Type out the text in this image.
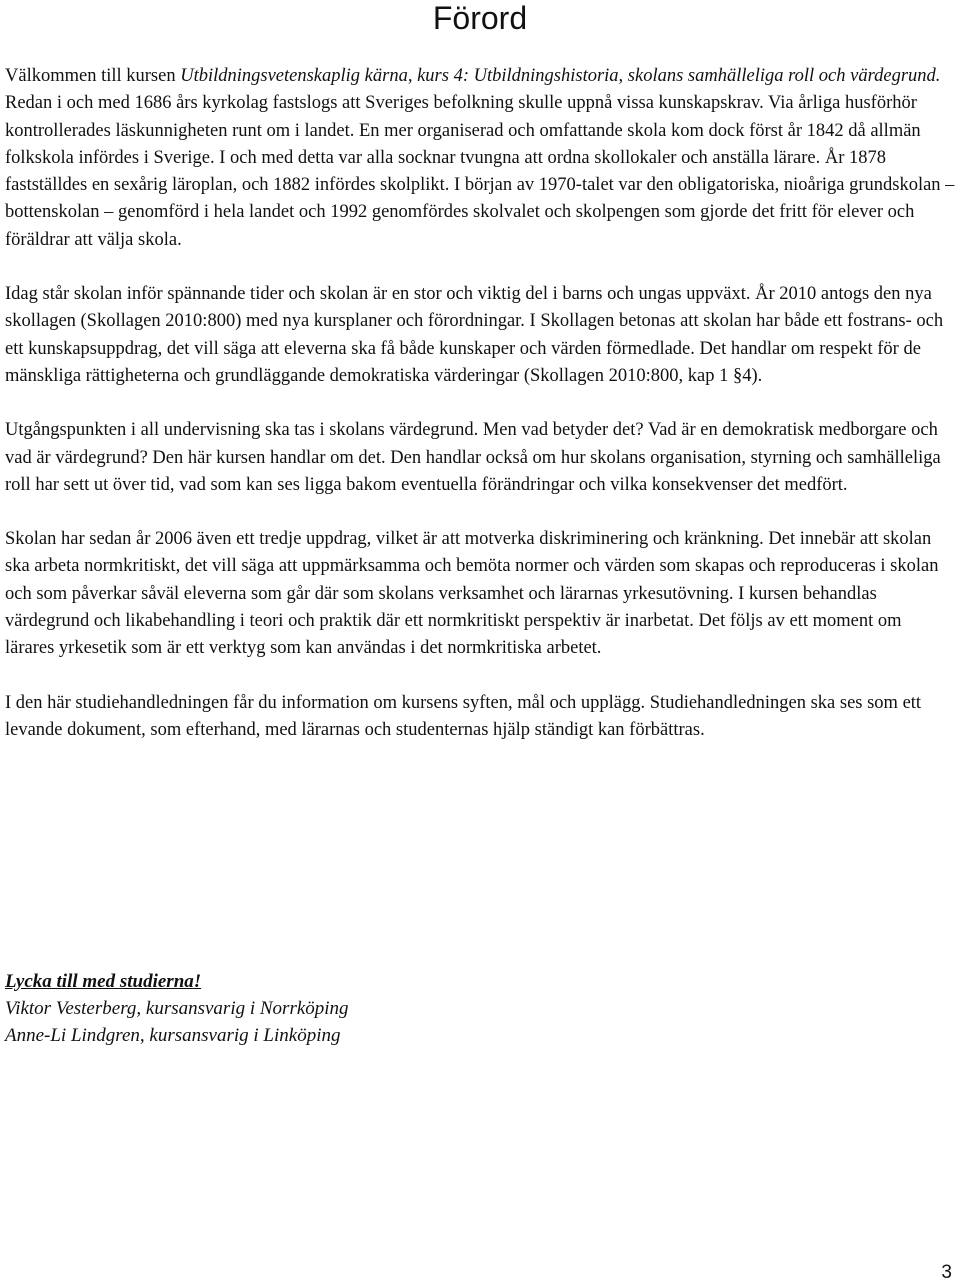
Förord

Välkommen till kursen Utbildningsvetenskaplig kärna, kurs 4: Utbildningshistoria, skolans samhälleliga roll och värdegrund. Redan i och med 1686 års kyrkolag fastslogs att Sveriges befolkning skulle uppnå vissa kunskapskrav. Via årliga husförhör kontrollerades läskunnigheten runt om i landet. En mer organiserad och omfattande skola kom dock först år 1842 då allmän folkskola infördes i Sverige. I och med detta var alla socknar tvungna att ordna skollokaler och anställa lärare. År 1878 fastställdes en sexårig läroplan, och 1882 infördes skolplikt. I början av 1970-talet var den obligatoriska, nioåriga grundskolan – bottenskolan – genomförd i hela landet och 1992 genomfördes skolvalet och skolpengen som gjorde det fritt för elever och föräldrar att välja skola.

Idag står skolan inför spännande tider och skolan är en stor och viktig del i barns och ungas uppväxt. År 2010 antogs den nya skollagen (Skollagen 2010:800) med nya kursplaner och förordningar. I Skollagen betonas att skolan har både ett fostrans- och ett kunskapsuppdrag, det vill säga att eleverna ska få både kunskaper och värden förmedlade. Det handlar om respekt för de mänskliga rättigheterna och grundläggande demokratiska värderingar (Skollagen 2010:800, kap 1 §4).

Utgångspunkten i all undervisning ska tas i skolans värdegrund. Men vad betyder det? Vad är en demokratisk medborgare och vad är värdegrund? Den här kursen handlar om det. Den handlar också om hur skolans organisation, styrning och samhälleliga roll har sett ut över tid, vad som kan ses ligga bakom eventuella förändringar och vilka konsekvenser det medfört.

Skolan har sedan år 2006 även ett tredje uppdrag, vilket är att motverka diskriminering och kränkning. Det innebär att skolan ska arbeta normkritiskt, det vill säga att uppmärksamma och bemöta normer och värden som skapas och reproduceras i skolan och som påverkar såväl eleverna som går där som skolans verksamhet och lärarnas yrkesutövning. I kursen behandlas värdegrund och likabehandling i teori och praktik där ett normkritiskt perspektiv är inarbetat. Det följs av ett moment om lärares yrkesetik som är ett verktyg som kan användas i det normkritiska arbetet.

I den här studiehandledningen får du information om kursens syften, mål och upplägg. Studiehandledningen ska ses som ett levande dokument, som efterhand, med lärarnas och studenternas hjälp ständigt kan förbättras.

Lycka till med studierna!
Viktor Vesterberg, kursansvarig i Norrköping
Anne-Li Lindgren, kursansvarig i Linköping
3
